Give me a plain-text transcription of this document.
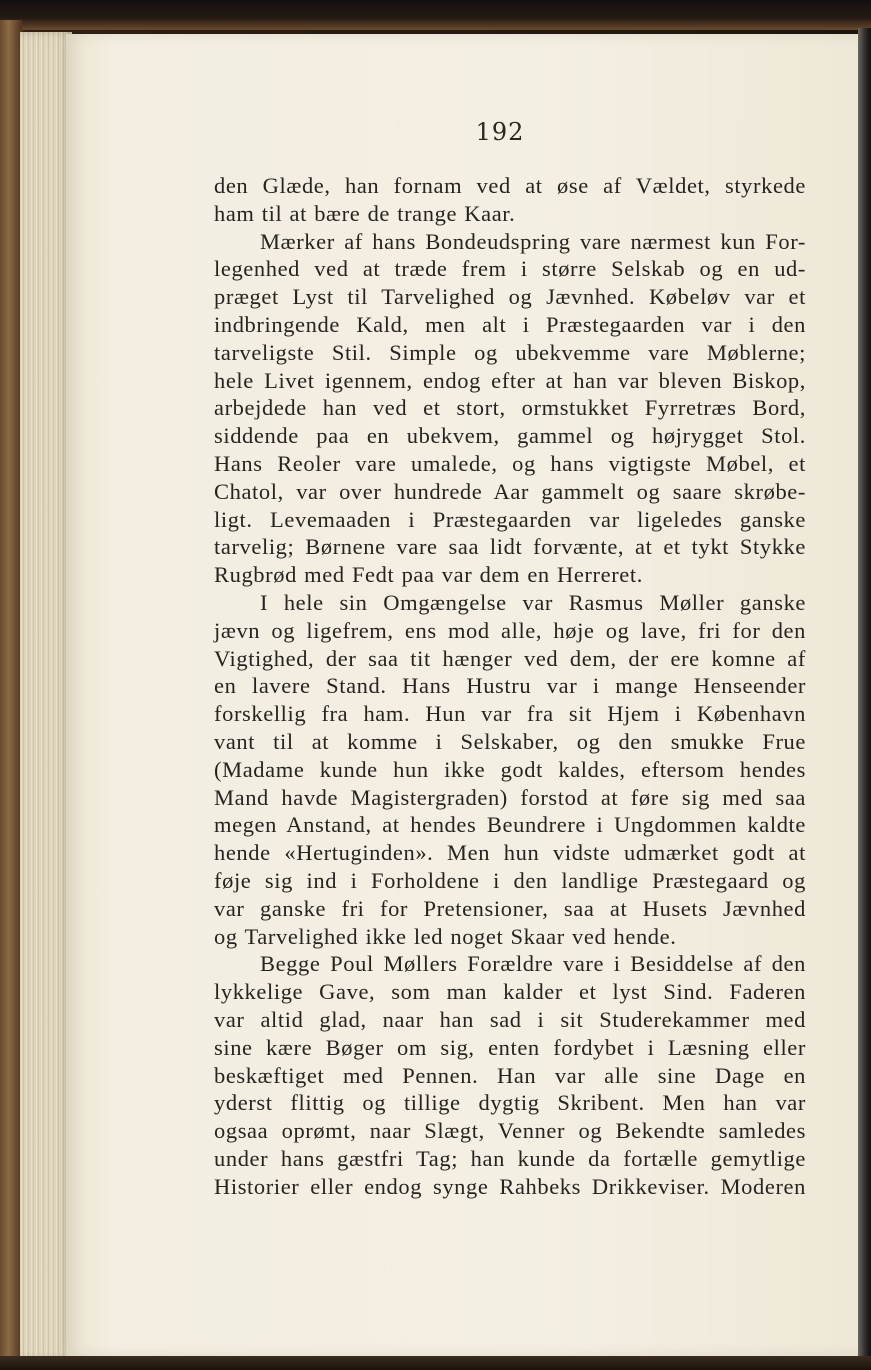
192
den Glæde, han fornam ved at øse af Vældet, styrkede
ham til at bære de trange Kaar.
Mærker af hans Bondeudspring vare nærmest kun For-
legenhed ved at træde frem i større Selskab og en ud-
præget Lyst til Tarvelighed og Jævnhed. Købeløv var et
indbringende Kald, men alt i Præstegaarden var i den
tarveligste Stil. Simple og ubekvemme vare Møblerne;
hele Livet igennem, endog efter at han var bleven Biskop,
arbejdede han ved et stort, ormstukket Fyrretræs Bord,
siddende paa en ubekvem, gammel og højrygget Stol.
Hans Reoler vare umalede, og hans vigtigste Møbel, et
Chatol, var over hundrede Aar gammelt og saare skrøbe-
ligt. Levemaaden i Præstegaarden var ligeledes ganske
tarvelig; Børnene vare saa lidt forvænte, at et tykt Stykke
Rugbrød med Fedt paa var dem en Herreret.
I hele sin Omgængelse var Rasmus Møller ganske
jævn og ligefrem, ens mod alle, høje og lave, fri for den
Vigtighed, der saa tit hænger ved dem, der ere komne af
en lavere Stand. Hans Hustru var i mange Henseender
forskellig fra ham. Hun var fra sit Hjem i København
vant til at komme i Selskaber, og den smukke Frue
(Madame kunde hun ikke godt kaldes, eftersom hendes
Mand havde Magistergraden) forstod at føre sig med saa
megen Anstand, at hendes Beundrere i Ungdommen kaldte
hende «Hertuginden». Men hun vidste udmærket godt at
føje sig ind i Forholdene i den landlige Præstegaard og
var ganske fri for Pretensioner, saa at Husets Jævnhed
og Tarvelighed ikke led noget Skaar ved hende.
Begge Poul Møllers Forældre vare i Besiddelse af den
lykkelige Gave, som man kalder et lyst Sind. Faderen
var altid glad, naar han sad i sit Studerekammer med
sine kære Bøger om sig, enten fordybet i Læsning eller
beskæftiget med Pennen. Han var alle sine Dage en
yderst flittig og tillige dygtig Skribent. Men han var
ogsaa oprømt, naar Slægt, Venner og Bekendte samledes
under hans gæstfri Tag; han kunde da fortælle gemytlige
Historier eller endog synge Rahbeks Drikkeviser. Moderen
